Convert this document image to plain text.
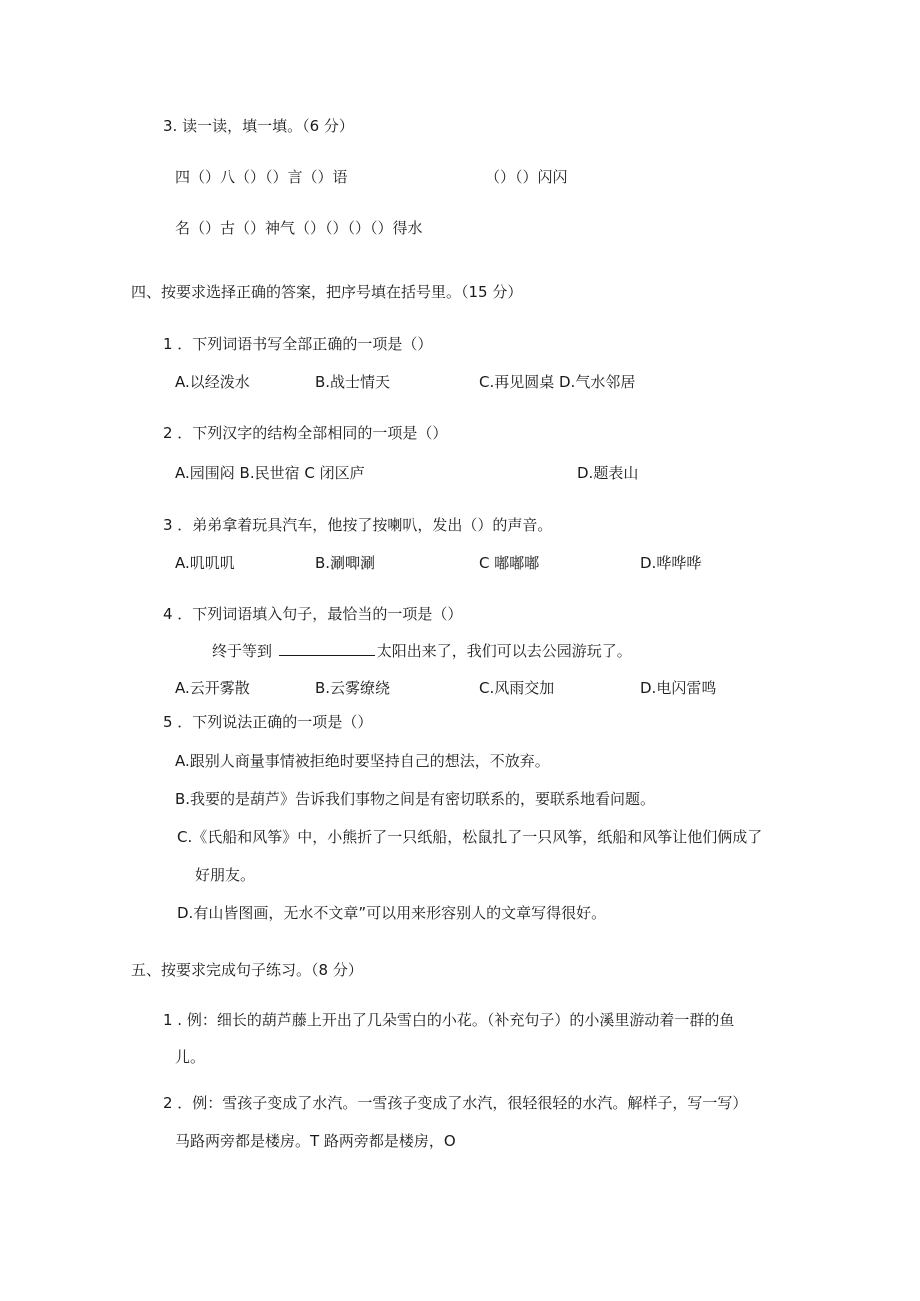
3. 读一读，填一填。（6 分）
四（）八（）（）言（）语	（）（）闪闪
名（）古（）神气（）（）（）（）得水
四、按要求选择正确的答案，把序号填在括号里。（15 分）
1 ．下列词语书写全部正确的一项是（）
A.以经泼水	B.战士情天	C.再见圆桌 D.气水邻居
2 ．下列汉字的结构全部相同的一项是（）
A.园围闷 B.民世宿 C 闭区庐	D.题表山
3 ．弟弟拿着玩具汽车，他按了按喇叭，发出（）的声音。
A.叽叽叽	B.涮唧涮	C 嘟嘟嘟	D.哗哗哗
4 ．下列词语填入句子，最恰当的一项是（）
终于等到	太阳出来了，我们可以去公园游玩了。
A.云开雾散	B.云雾缭绕	C.风雨交加	D.电闪雷鸣
5 ．下列说法正确的一项是（）
A.跟别人商量事情被拒绝时要坚持自己的想法，不放弃。
B.我要的是葫芦》告诉我们事物之间是有密切联系的，要联系地看问题。
C.《氏船和风筝》中，小熊折了一只纸船，松鼠扎了一只风筝，纸船和风筝让他们俩成了
好朋友。
D.有山皆图画，无水不文章”可以用来形容别人的文章写得很好。
五、按要求完成句子练习。（8 分）
1 . 例：细长的葫芦藤上开出了几朵雪白的小花。（补充句子）的小溪里游动着一群的鱼
儿。
2 ．例：雪孩子变成了水汽。一雪孩子变成了水汽，很轻很轻的水汽。解样子，写一写）
马路两旁都是楼房。T 路两旁都是楼房，O
